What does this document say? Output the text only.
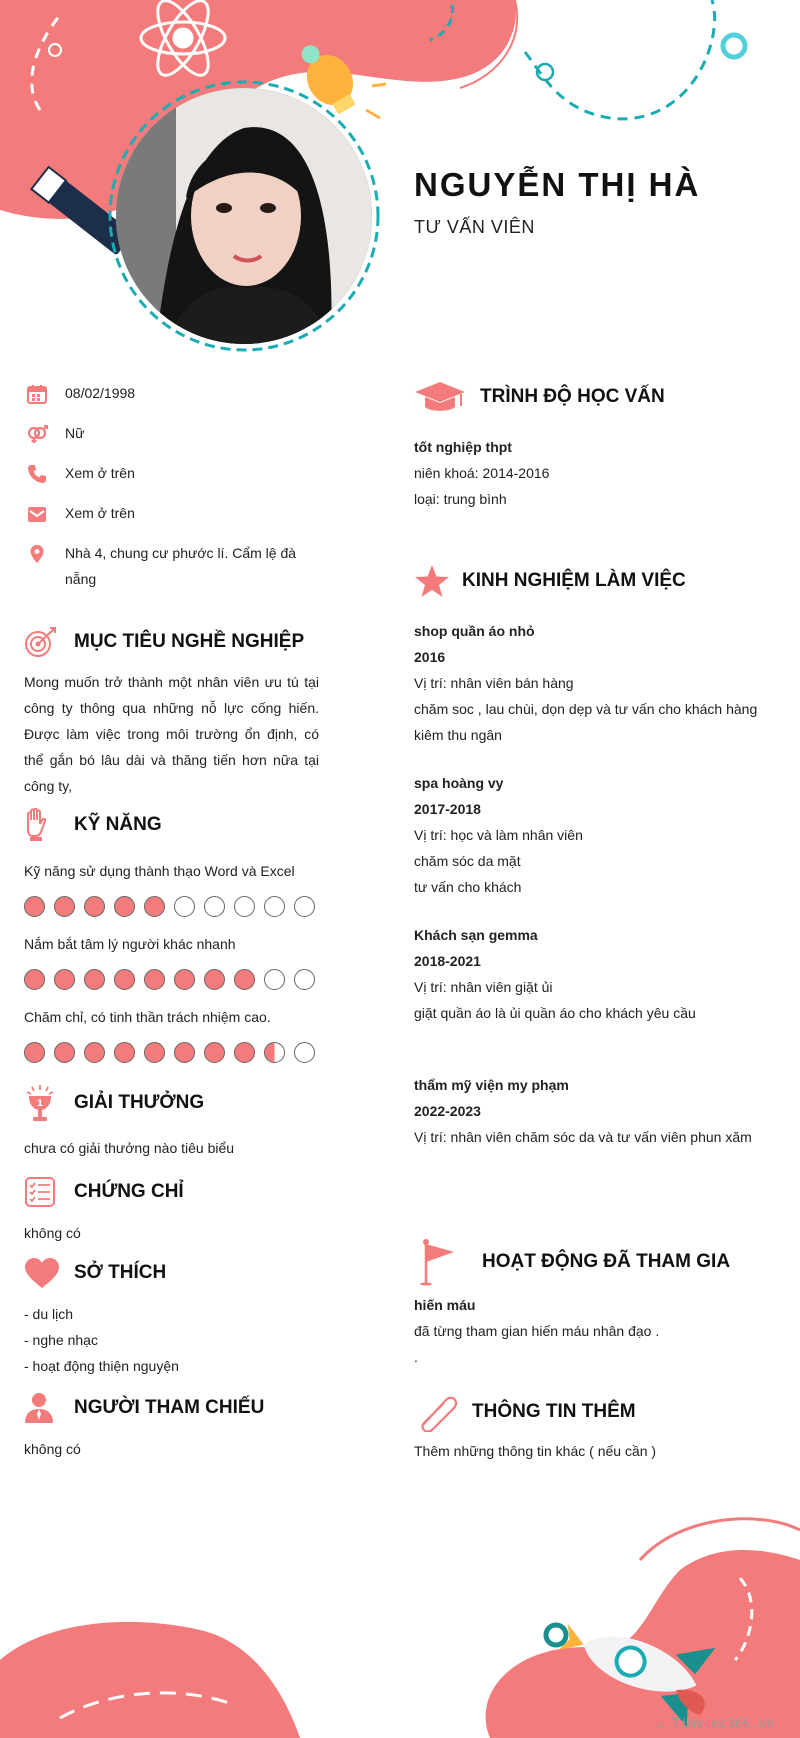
NGUYỄN THỊ HÀ
TƯ VẤN VIÊN
08/02/1998
Nữ
Xem ở trên
Xem ở trên
Nhà 4, chung cư phước lí. Cẩm lệ đà nẵng
MỤC TIÊU NGHỀ NGHIỆP

Mong muốn trở thành một nhân viên ưu tú tại công ty thông qua những nỗ lực cống hiến. Được làm việc trong môi trường ổn định, có thể gắn bó lâu dài và thăng tiến hơn nữa tại công ty,

KỸ NĂNG

Kỹ năng sử dụng thành thạo Word và Excel

Nắm bắt tâm lý người khác nhanh

Chăm chỉ, có tinh thần trách nhiệm cao.

1 GIẢI THƯỞNG

chưa có giải thưởng nào tiêu biểu

CHỨNG CHỈ

không có

SỞ THÍCH

- du lịch

- nghe nhạc

- hoạt động thiện nguyện

NGƯỜI THAM CHIẾU

không có

TRÌNH ĐỘ HỌC VẤN

tốt nghiệp thpt

niên khoá: 2014-2016

loại: trung bình

KINH NGHIỆM LÀM VIỆC

shop quần áo nhỏ

2016

Vị trí: nhân viên bán hàng

chăm soc , lau chùi, dọn dẹp và tư vấn cho khách hàng

kiêm thu ngân

spa hoàng vy

2017-2018

Vị trí: học và làm nhân viên

chăm sóc da mặt

tư vấn cho khách

Khách sạn gemma

2018-2021

Vị trí: nhân viên giặt ủi

giặt quần áo là ủi quần áo cho khách yêu cầu

thẩm mỹ viện my phạm

2022-2023

Vị trí: nhân viên chăm sóc da và tư vấn viên phun xăm

HOẠT ĐỘNG ĐÃ THAM GIA

hiến máu

đã từng tham gian hiến máu nhân đạo .

.

THÔNG TIN THÊM

Thêm những thông tin khác ( nếu cần )

∴ Timviec365.vn
